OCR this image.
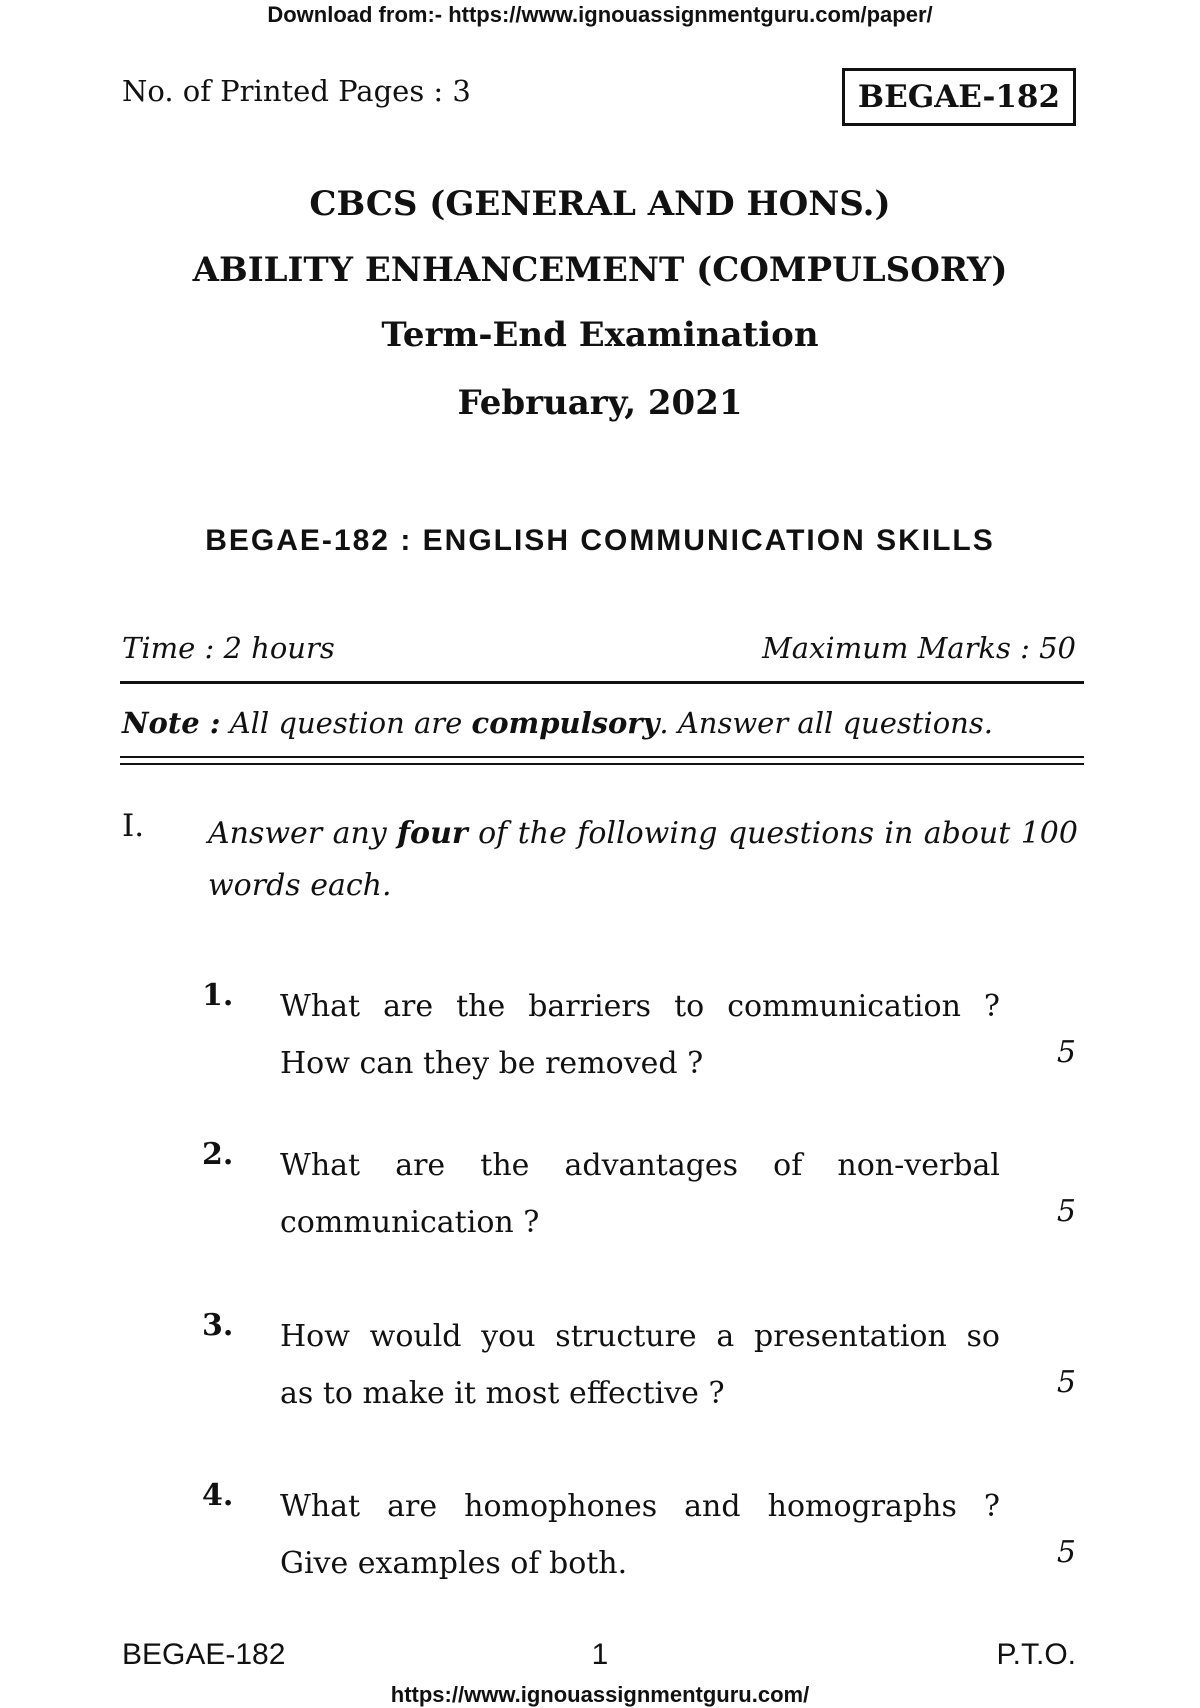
Download from:- https://www.ignouassignmentguru.com/paper/
No. of Printed Pages : 3	BEGAE-182
CBCS (GENERAL AND HONS.)
ABILITY ENHANCEMENT (COMPULSORY)
Term-End Examination
February, 2021
BEGAE-182 : ENGLISH COMMUNICATION SKILLS
Time : 2 hours	Maximum Marks : 50
Note : All question are compulsory. Answer all questions.
I. Answer any four of the following questions in about 100 words each.
1. What are the barriers to communication ?
How can they be removed ?	5
2. What are the advantages of non-verbal
communication ?	5
3. How would you structure a presentation so
as to make it most effective ?	5
4. What are homophones and homographs ?
Give examples of both.	5
BEGAE-182	1	P.T.O.
https://www.ignouassignmentguru.com/
